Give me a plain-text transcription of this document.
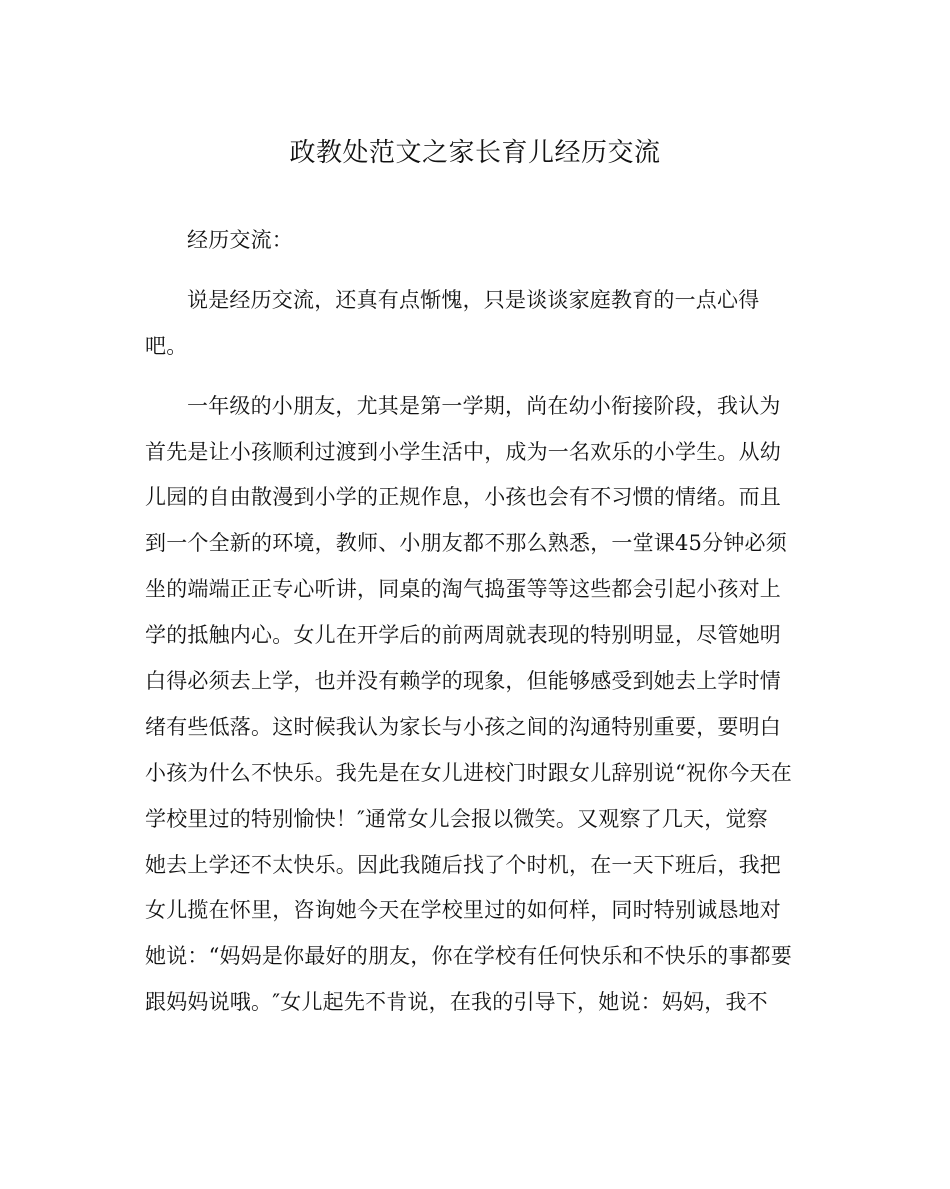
政教处范文之家长育儿经历交流
经历交流：
说是经历交流，还真有点惭愧，只是谈谈家庭教育的一点心得
吧。
一年级的小朋友，尤其是第一学期，尚在幼小衔接阶段，我认为
首先是让小孩顺利过渡到小学生活中，成为一名欢乐的小学生。从幼
儿园的自由散漫到小学的正规作息，小孩也会有不习惯的情绪。而且
到一个全新的环境，教师、小朋友都不那么熟悉，一堂课45分钟必须
坐的端端正正专心听讲，同桌的淘气捣蛋等等这些都会引起小孩对上
学的抵触内心。女儿在开学后的前两周就表现的特别明显，尽管她明
白得必须去上学，也并没有赖学的现象，但能够感受到她去上学时情
绪有些低落。这时候我认为家长与小孩之间的沟通特别重要，要明白
小孩为什么不快乐。我先是在女儿进校门时跟女儿辞别说“祝你今天在
学校里过的特别愉快！″通常女儿会报以微笑。又观察了几天，觉察
她去上学还不太快乐。因此我随后找了个时机，在一天下班后，我把
女儿揽在怀里，咨询她今天在学校里过的如何样，同时特别诚恳地对
她说：“妈妈是你最好的朋友，你在学校有任何快乐和不快乐的事都要
跟妈妈说哦。″女儿起先不肯说，在我的引导下，她说：妈妈，我不
